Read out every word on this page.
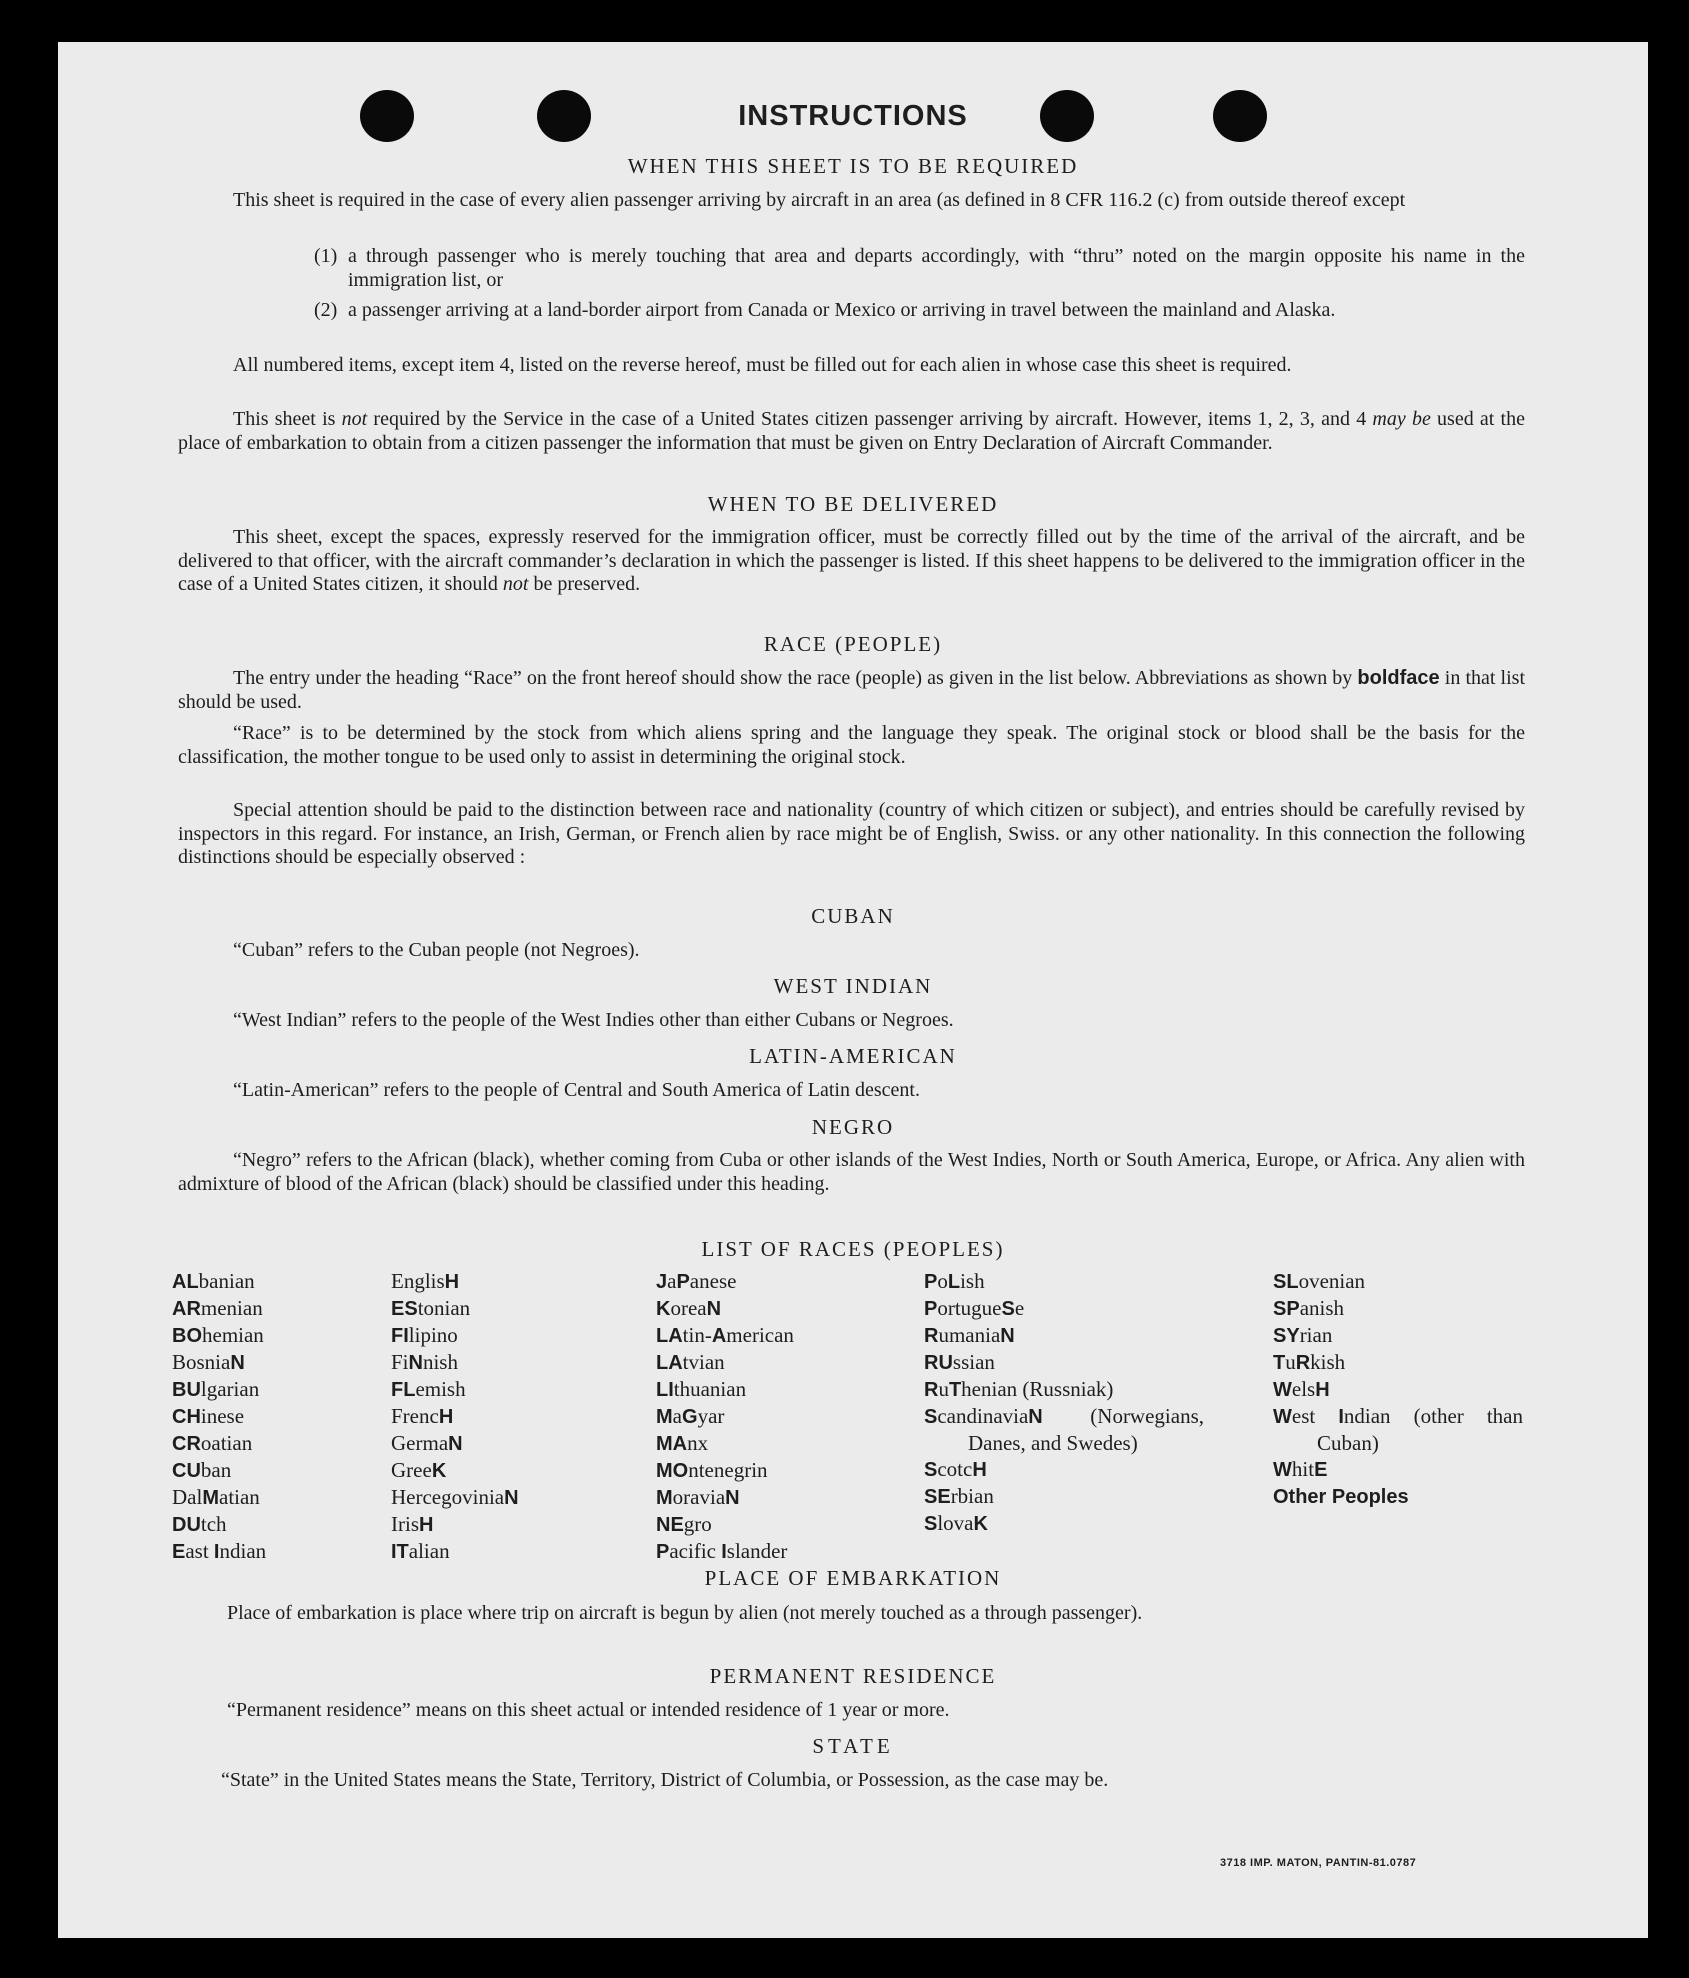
INSTRUCTIONS
WHEN THIS SHEET IS TO BE REQUIRED

This sheet is required in the case of every alien passenger arriving by aircraft in an area (as defined in 8 CFR 116.2 (c) from outside thereof except

(1) a through passenger who is merely touching that area and departs accordingly, with “thru” noted on the margin opposite his name in the immigration list, or
(2) a passenger arriving at a land-border airport from Canada or Mexico or arriving in travel between the mainland and Alaska.

All numbered items, except item 4, listed on the reverse hereof, must be filled out for each alien in whose case this sheet is required.

This sheet is not required by the Service in the case of a United States citizen passenger arriving by aircraft. However, items 1, 2, 3, and 4 may be used at the place of embarkation to obtain from a citizen passenger the information that must be given on Entry Declaration of Aircraft Commander.

WHEN TO BE DELIVERED

This sheet, except the spaces, expressly reserved for the immigration officer, must be correctly filled out by the time of the arrival of the aircraft, and be delivered to that officer, with the aircraft commander’s declaration in which the passenger is listed. If this sheet happens to be delivered to the immigration officer in the case of a United States citizen, it should not be preserved.

RACE (PEOPLE)

The entry under the heading “Race” on the front hereof should show the race (people) as given in the list below. Abbreviations as shown by boldface in that list should be used.

“Race” is to be determined by the stock from which aliens spring and the language they speak. The original stock or blood shall be the basis for the classification, the mother tongue to be used only to assist in determining the original stock.

Special attention should be paid to the distinction between race and nationality (country of which citizen or subject), and entries should be carefully revised by inspectors in this regard. For instance, an Irish, German, or French alien by race might be of English, Swiss. or any other nationality. In this connection the following distinctions should be especially observed :

CUBAN

“Cuban” refers to the Cuban people (not Negroes).

WEST INDIAN

“West Indian” refers to the people of the West Indies other than either Cubans or Negroes.

LATIN-AMERICAN

“Latin-American” refers to the people of Central and South America of Latin descent.

NEGRO

“Negro” refers to the African (black), whether coming from Cuba or other islands of the West Indies, North or South America, Europe, or Africa. Any alien with admixture of blood of the African (black) should be classified under this heading.

LIST OF RACES (PEOPLES)
ALbanian
ARmenian
BOhemian
BosniaN
BUlgarian
CHinese
CRoatian
CUban
DalMatian
DUtch
East Indian
EnglisH
EStonian
FIlipino
FiNnish
FLemish
FrencH
GermaN
GreeK
HercegoviniaN
IrisH
ITalian
JaPanese
KoreaN
LAtin-American
LAtvian
LIthuanian
MaGyar
MAnx
MOntenegrin
MoraviaN
NEgro
Pacific Islander
PoLish
PortugueSe
RumaniaN
RUssian
RuThenian (Russniak)
ScandinaviaN (Norwegians, Danes, and Swedes)
ScotcH
SErbian
SlovaK
SLovenian
SPanish
SYrian
TuRkish
WelsH
West Indian (other than Cuban)
WhitE
Other Peoples
PLACE OF EMBARKATION

Place of embarkation is place where trip on aircraft is begun by alien (not merely touched as a through passenger).

PERMANENT RESIDENCE

“Permanent residence” means on this sheet actual or intended residence of 1 year or more.

STATE

“State” in the United States means the State, Territory, District of Columbia, or Possession, as the case may be.

3718 IMP. MATON, PANTIN-81.0787
